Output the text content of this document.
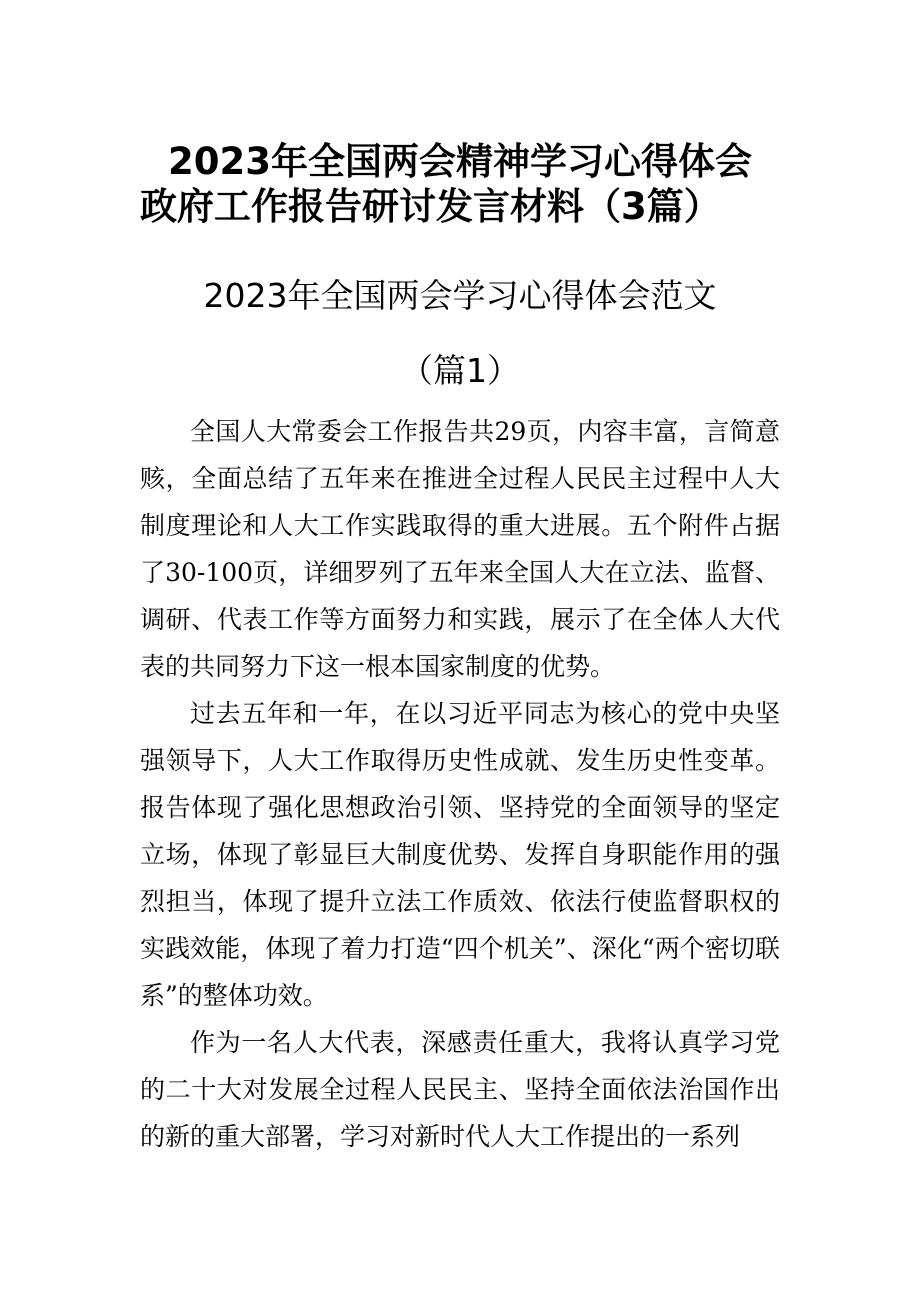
2023年全国两会精神学习心得体会
政府工作报告研讨发言材料（3篇）
2023年全国两会学习心得体会范文
（篇1）

全国人大常委会工作报告共29页，内容丰富，言简意赅，全面总结了五年来在推进全过程人民民主过程中人大制度理论和人大工作实践取得的重大进展。五个附件占据了30-100页，详细罗列了五年来全国人大在立法、监督、调研、代表工作等方面努力和实践，展示了在全体人大代表的共同努力下这一根本国家制度的优势。

过去五年和一年，在以习近平同志为核心的党中央坚强领导下，人大工作取得历史性成就、发生历史性变革。报告体现了强化思想政治引领、坚持党的全面领导的坚定立场，体现了彰显巨大制度优势、发挥自身职能作用的强烈担当，体现了提升立法工作质效、依法行使监督职权的实践效能，体现了着力打造“四个机关”、深化“两个密切联系”的整体功效。

作为一名人大代表，深感责任重大，我将认真学习党的二十大对发展全过程人民民主、坚持全面依法治国作出的新的重大部署，学习对新时代人大工作提出的一系列
